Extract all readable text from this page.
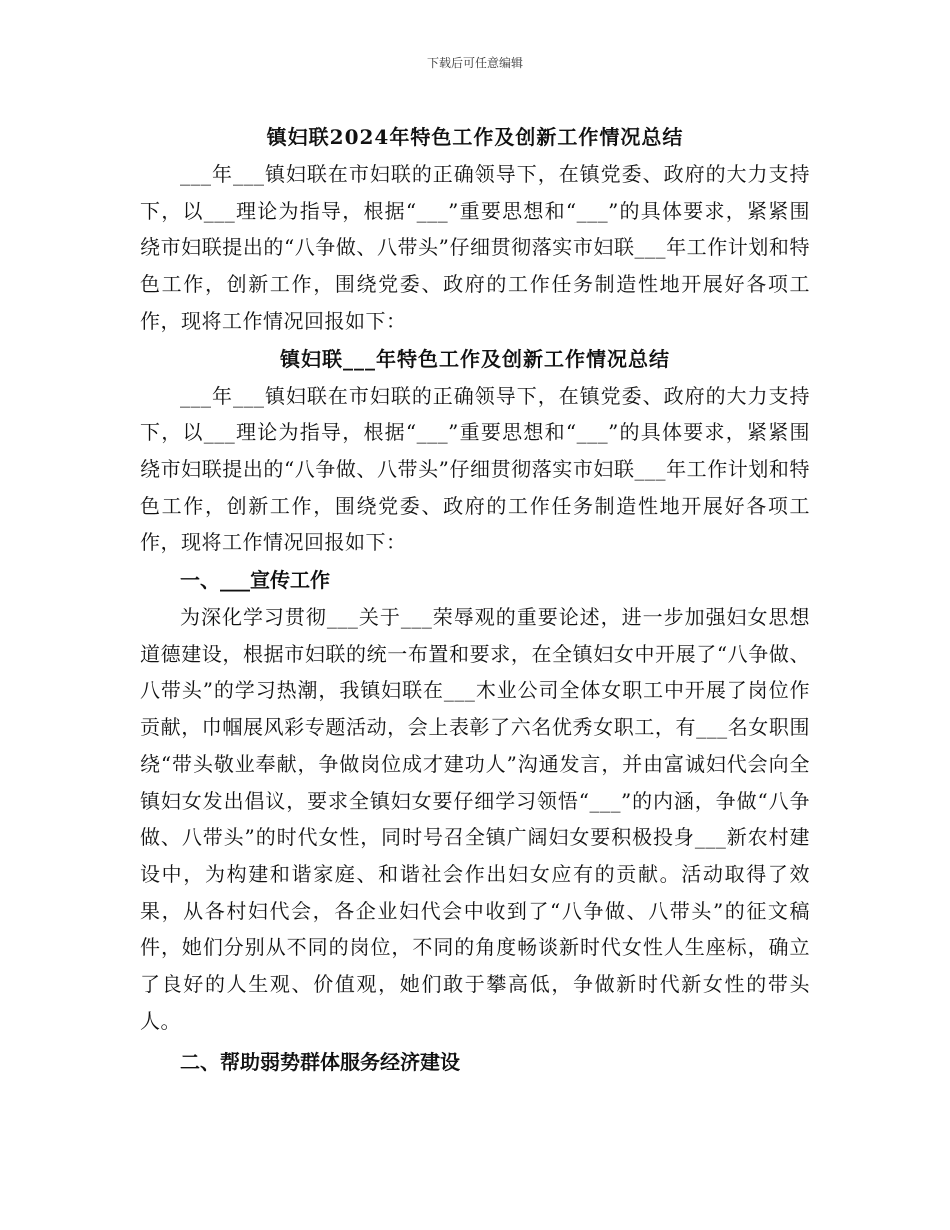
下载后可任意编辑
镇妇联2024年特色工作及创新工作情况总结

___年___镇妇联在市妇联的正确领导下，在镇党委、政府的大力支持下，以___理论为指导，根据“___”重要思想和“___”的具体要求，紧紧围绕市妇联提出的“八争做、八带头”仔细贯彻落实市妇联___年工作计划和特色工作，创新工作，围绕党委、政府的工作任务制造性地开展好各项工作，现将工作情况回报如下：

镇妇联___年特色工作及创新工作情况总结

___年___镇妇联在市妇联的正确领导下，在镇党委、政府的大力支持下，以___理论为指导，根据“___”重要思想和“___”的具体要求，紧紧围绕市妇联提出的“八争做、八带头”仔细贯彻落实市妇联___年工作计划和特色工作，创新工作，围绕党委、政府的工作任务制造性地开展好各项工作，现将工作情况回报如下：

一、___宣传工作

为深化学习贯彻___关于___荣辱观的重要论述，进一步加强妇女思想道德建设，根据市妇联的统一布置和要求，在全镇妇女中开展了“八争做、八带头”的学习热潮，我镇妇联在___木业公司全体女职工中开展了岗位作贡献，巾帼展风彩专题活动，会上表彰了六名优秀女职工，有___名女职围绕“带头敬业奉献，争做岗位成才建功人”沟通发言，并由富诚妇代会向全镇妇女发出倡议，要求全镇妇女要仔细学习领悟“___”的内涵，争做“八争做、八带头”的时代女性，同时号召全镇广阔妇女要积极投身___新农村建设中，为构建和谐家庭、和谐社会作出妇女应有的贡献。活动取得了效果，从各村妇代会，各企业妇代会中收到了“八争做、八带头”的征文稿件，她们分别从不同的岗位，不同的角度畅谈新时代女性人生座标，确立了良好的人生观、价值观，她们敢于攀高低，争做新时代新女性的带头人。

二、帮助弱势群体服务经济建设
